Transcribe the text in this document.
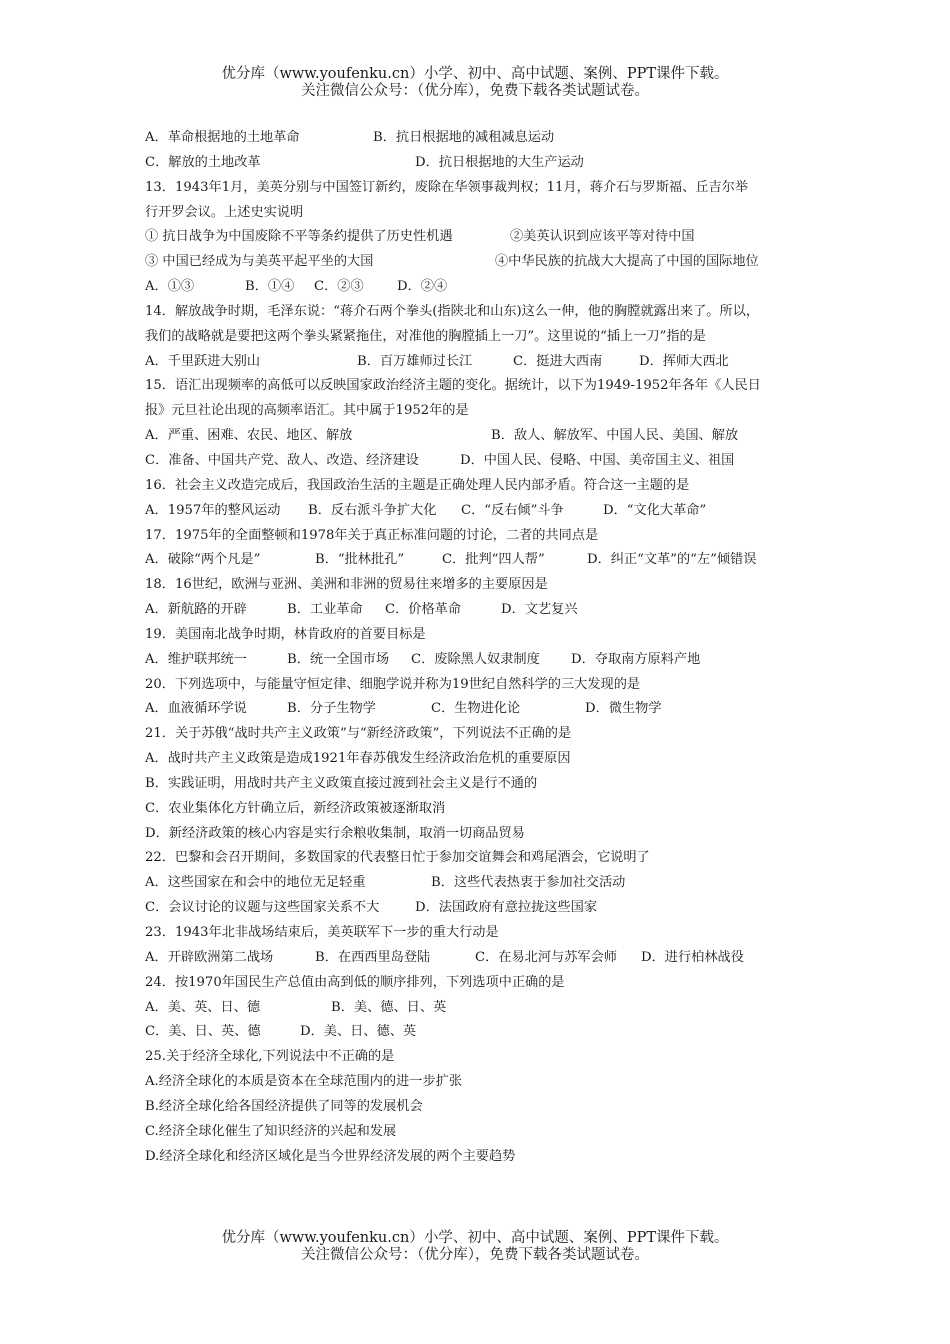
优分库（www.youfenku.cn）小学、初中、高中试题、案例、PPT课件下载。
关注微信公众号：（优分库），免费下载各类试题试卷。
A．革命根据地的土地革命	B．抗日根据地的减租减息运动
C．解放的土地改革	D．抗日根据地的大生产运动
13．1943年1月，美英分别与中国签订新约，废除在华领事裁判权；11月，蒋介石与罗斯福、丘吉尔举
行开罗会议。上述史实说明
① 抗日战争为中国废除不平等条约提供了历史性机遇	②美英认识到应该平等对待中国
③ 中国已经成为与美英平起平坐的大国	④中华民族的抗战大大提高了中国的国际地位
A．①③	B．①④ C．②③	D．②④
14．解放战争时期，毛泽东说：“蒋介石两个拳头(指陕北和山东)这么一伸，他的胸膛就露出来了。所以，
我们的战略就是要把这两个拳头紧紧拖住，对准他的胸膛插上一刀”。这里说的“插上一刀”指的是
A．千里跃进大别山	B．百万雄师过长江	C．挺进大西南	D．挥师大西北
15．语汇出现频率的高低可以反映国家政治经济主题的变化。据统计，以下为1949-1952年各年《人民日
报》元旦社论出现的高频率语汇。其中属于1952年的是
A．严重、困难、农民、地区、解放	B．敌人、解放军、中国人民、美国、解放
C．准备、中国共产党、敌人、改造、经济建设	D．中国人民、侵略、中国、美帝国主义、祖国
16．社会主义改造完成后，我国政治生活的主题是正确处理人民内部矛盾。符合这一主题的是
A．1957年的整风运动 B．反右派斗争扩大化 C．“反右倾”斗争	D．“文化大革命”
17．1975年的全面整顿和1978年关于真正标准问题的讨论，二者的共同点是
A．破除“两个凡是”	B．“批林批孔”	C．批判“四人帮”	D．纠正“文革”的“左”倾错误
18．16世纪，欧洲与亚洲、美洲和非洲的贸易往来增多的主要原因是
A．新航路的开辟	B．工业革命 C．价格革命	D．文艺复兴
19．美国南北战争时期，林肯政府的首要目标是
A．维护联邦统一	B．统一全国市场 C．废除黑人奴隶制度 D．夺取南方原料产地
20．下列选项中，与能量守恒定律、细胞学说并称为19世纪自然科学的三大发现的是
A．血液循环学说	B．分子生物学	C．生物进化论	D．微生物学
21．关于苏俄“战时共产主义政策”与“新经济政策”，下列说法不正确的是
A．战时共产主义政策是造成1921年春苏俄发生经济政治危机的重要原因
B．实践证明，用战时共产主义政策直接过渡到社会主义是行不通的
C．农业集体化方针确立后，新经济政策被逐渐取消
D．新经济政策的核心内容是实行余粮收集制，取消一切商品贸易
22．巴黎和会召开期间，多数国家的代表整日忙于参加交谊舞会和鸡尾酒会，它说明了
A．这些国家在和会中的地位无足轻重	B．这些代表热衷于参加社交活动
C．会议讨论的议题与这些国家关系不大	D．法国政府有意拉拢这些国家
23．1943年北非战场结束后，美英联军下一步的重大行动是
A．开辟欧洲第二战场	B．在西西里岛登陆	C．在易北河与苏军会师 D．进行柏林战役
24．按1970年国民生产总值由高到低的顺序排列，下列选项中正确的是
A．美、英、日、德	B．美、德、日、英
C．美、日、英、德	D．美、日、德、英
25.关于经济全球化,下列说法中不正确的是
A.经济全球化的本质是资本在全球范围内的进一步扩张
B.经济全球化给各国经济提供了同等的发展机会
C.经济全球化催生了知识经济的兴起和发展
D.经济全球化和经济区域化是当今世界经济发展的两个主要趋势
优分库（www.youfenku.cn）小学、初中、高中试题、案例、PPT课件下载。
关注微信公众号：（优分库），免费下载各类试题试卷。
